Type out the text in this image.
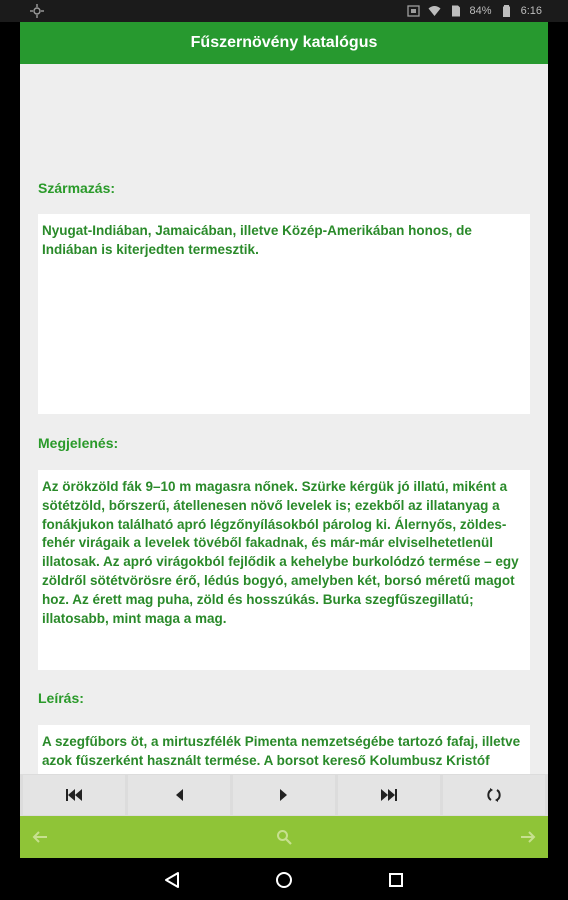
84%	6:16
Fűszernövény katalógus
Származás:
Nyugat-Indiában, Jamaicában, illetve Közép-Amerikában honos, de Indiában is kiterjedten termesztik.
Megjelenés:
Az örökzöld fák 9–10 m magasra nőnek. Szürke kérgük jó illatú, miként a sötétzöld, bőrszerű, átellenesen növő levelek is; ezekből az illatanyag a fonákjukon található apró légzőnyílásokból párolog ki. Álernyős, zöldes-fehér virágaik a levelek tövéből fakadnak, és már-már elviselhetetlenül illatosak. Az apró virágokból fejlődik a kehelybe burkolódzó termése – egy zöldről sötétvörösre érő, lédús bogyó, amelyben két, borsó méretű magot hoz. Az érett mag puha, zöld és hosszúkás. Burka szegfűszegillatú; illatosabb, mint maga a mag.
Leírás:
A szegfűbors öt, a mirtuszfélék Pimenta nemzetségébe tartozó fafaj, illetve azok fűszerként használt termése. A borsot kereső Kolumbusz Kristóf
